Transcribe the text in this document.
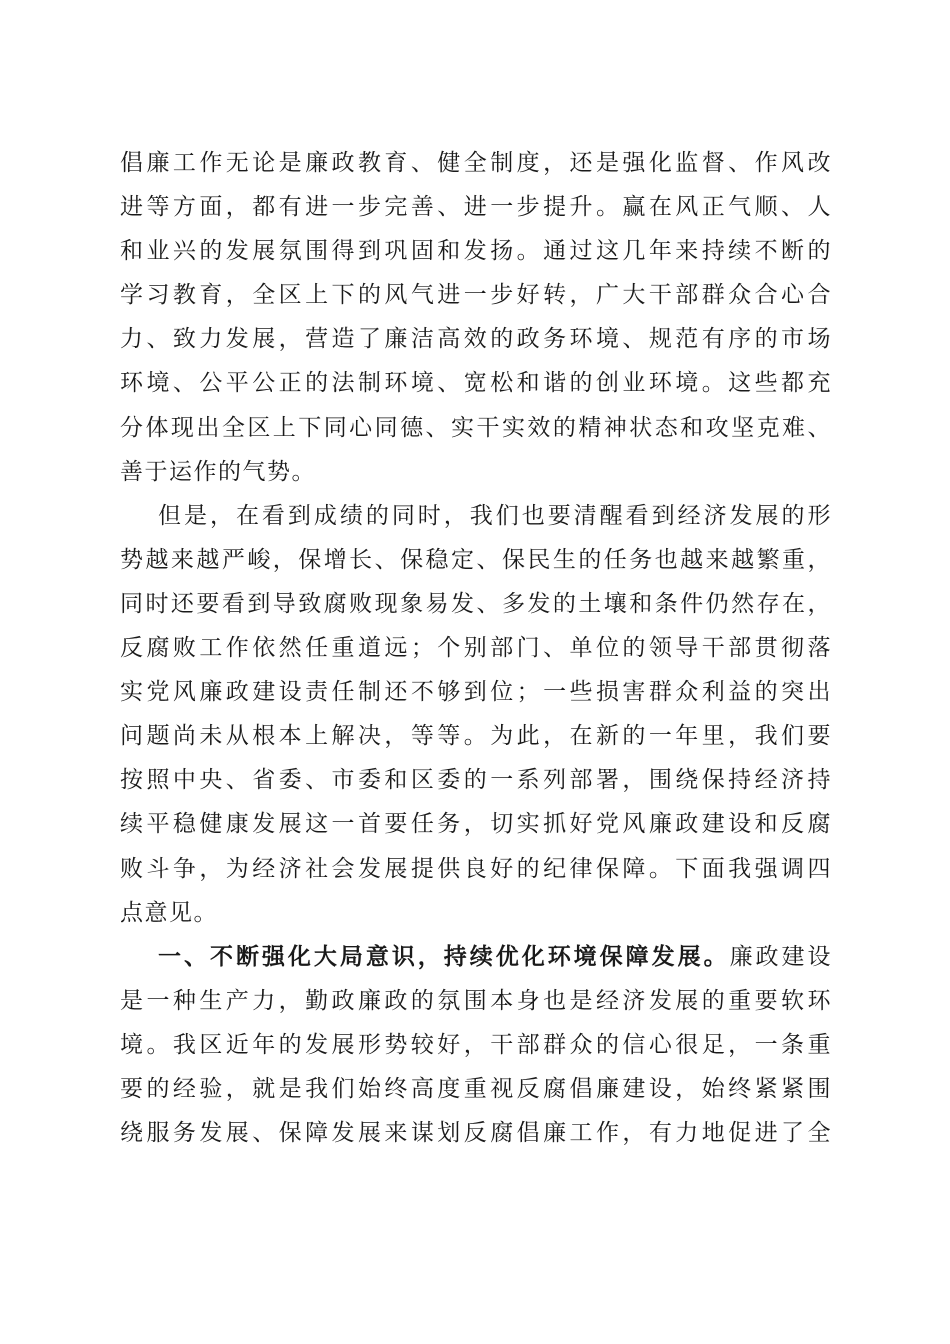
倡廉工作无论是廉政教育、健全制度，还是强化监督、作风改
进等方面，都有进一步完善、进一步提升。赢在风正气顺、人
和业兴的发展氛围得到巩固和发扬。通过这几年来持续不断的
学习教育，全区上下的风气进一步好转，广大干部群众合心合
力、致力发展，营造了廉洁高效的政务环境、规范有序的市场
环境、公平公正的法制环境、宽松和谐的创业环境。这些都充
分体现出全区上下同心同德、实干实效的精神状态和攻坚克难、
善于运作的气势。
但是，在看到成绩的同时，我们也要清醒看到经济发展的形
势越来越严峻，保增长、保稳定、保民生的任务也越来越繁重，
同时还要看到导致腐败现象易发、多发的土壤和条件仍然存在，
反腐败工作依然任重道远；个别部门、单位的领导干部贯彻落
实党风廉政建设责任制还不够到位；一些损害群众利益的突出
问题尚未从根本上解决，等等。为此，在新的一年里，我们要
按照中央、省委、市委和区委的一系列部署，围绕保持经济持
续平稳健康发展这一首要任务，切实抓好党风廉政建设和反腐
败斗争，为经济社会发展提供良好的纪律保障。下面我强调四
点意见。
一、不断强化大局意识，持续优化环境保障发展。廉政建设
是一种生产力，勤政廉政的氛围本身也是经济发展的重要软环
境。我区近年的发展形势较好，干部群众的信心很足，一条重
要的经验，就是我们始终高度重视反腐倡廉建设，始终紧紧围
绕服务发展、保障发展来谋划反腐倡廉工作，有力地促进了全
